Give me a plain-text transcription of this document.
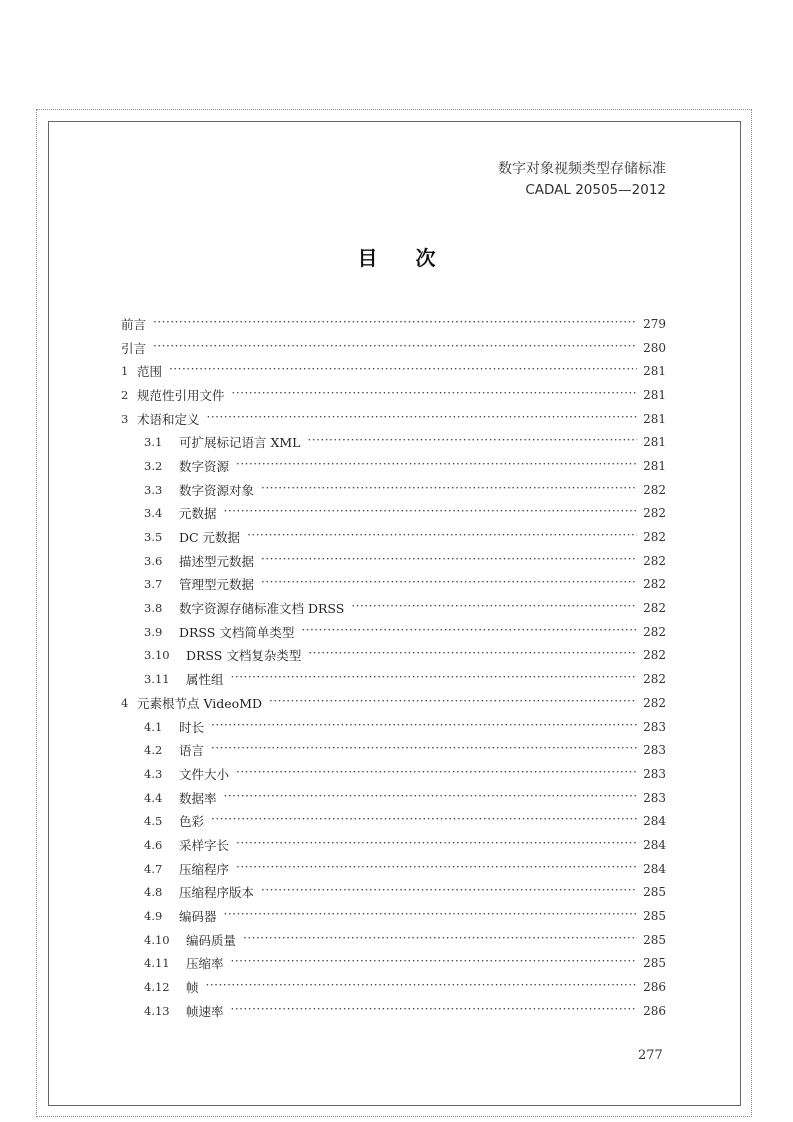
数字对象视频类型存储标准
CADAL 20505—2012
目次
前言 ·····	279
引言 ·····	280
1 范围 ·····	281
2 规范性引用文件 ·····	281
3 术语和定义 ·····	281
3.1	可扩展标记语言 XML ·····	281
3.2	数字资源 ·····	281
3.3	数字资源对象 ·····	282
3.4	元数据 ·····	282
3.5	DC 元数据 ·····	282
3.6	描述型元数据 ·····	282
3.7	管理型元数据 ·····	282
3.8	数字资源存储标准文档 DRSS ·····	282
3.9	DRSS 文档简单类型 ·····	282
3.10	DRSS 文档复杂类型 ·····	282
3.11	属性组 ·····	282
4 元素根节点 VideoMD ·····	282
4.1	时长 ·····	283
4.2	语言 ·····	283
4.3	文件大小 ·····	283
4.4	数据率 ·····	283
4.5	色彩 ·····	284
4.6	采样字长 ·····	284
4.7	压缩程序 ·····	284
4.8	压缩程序版本 ·····	285
4.9	编码器 ·····	285
4.10	编码质量 ·····	285
4.11	压缩率 ·····	285
4.12	帧 ·····	286
4.13	帧速率 ·····	286
277
